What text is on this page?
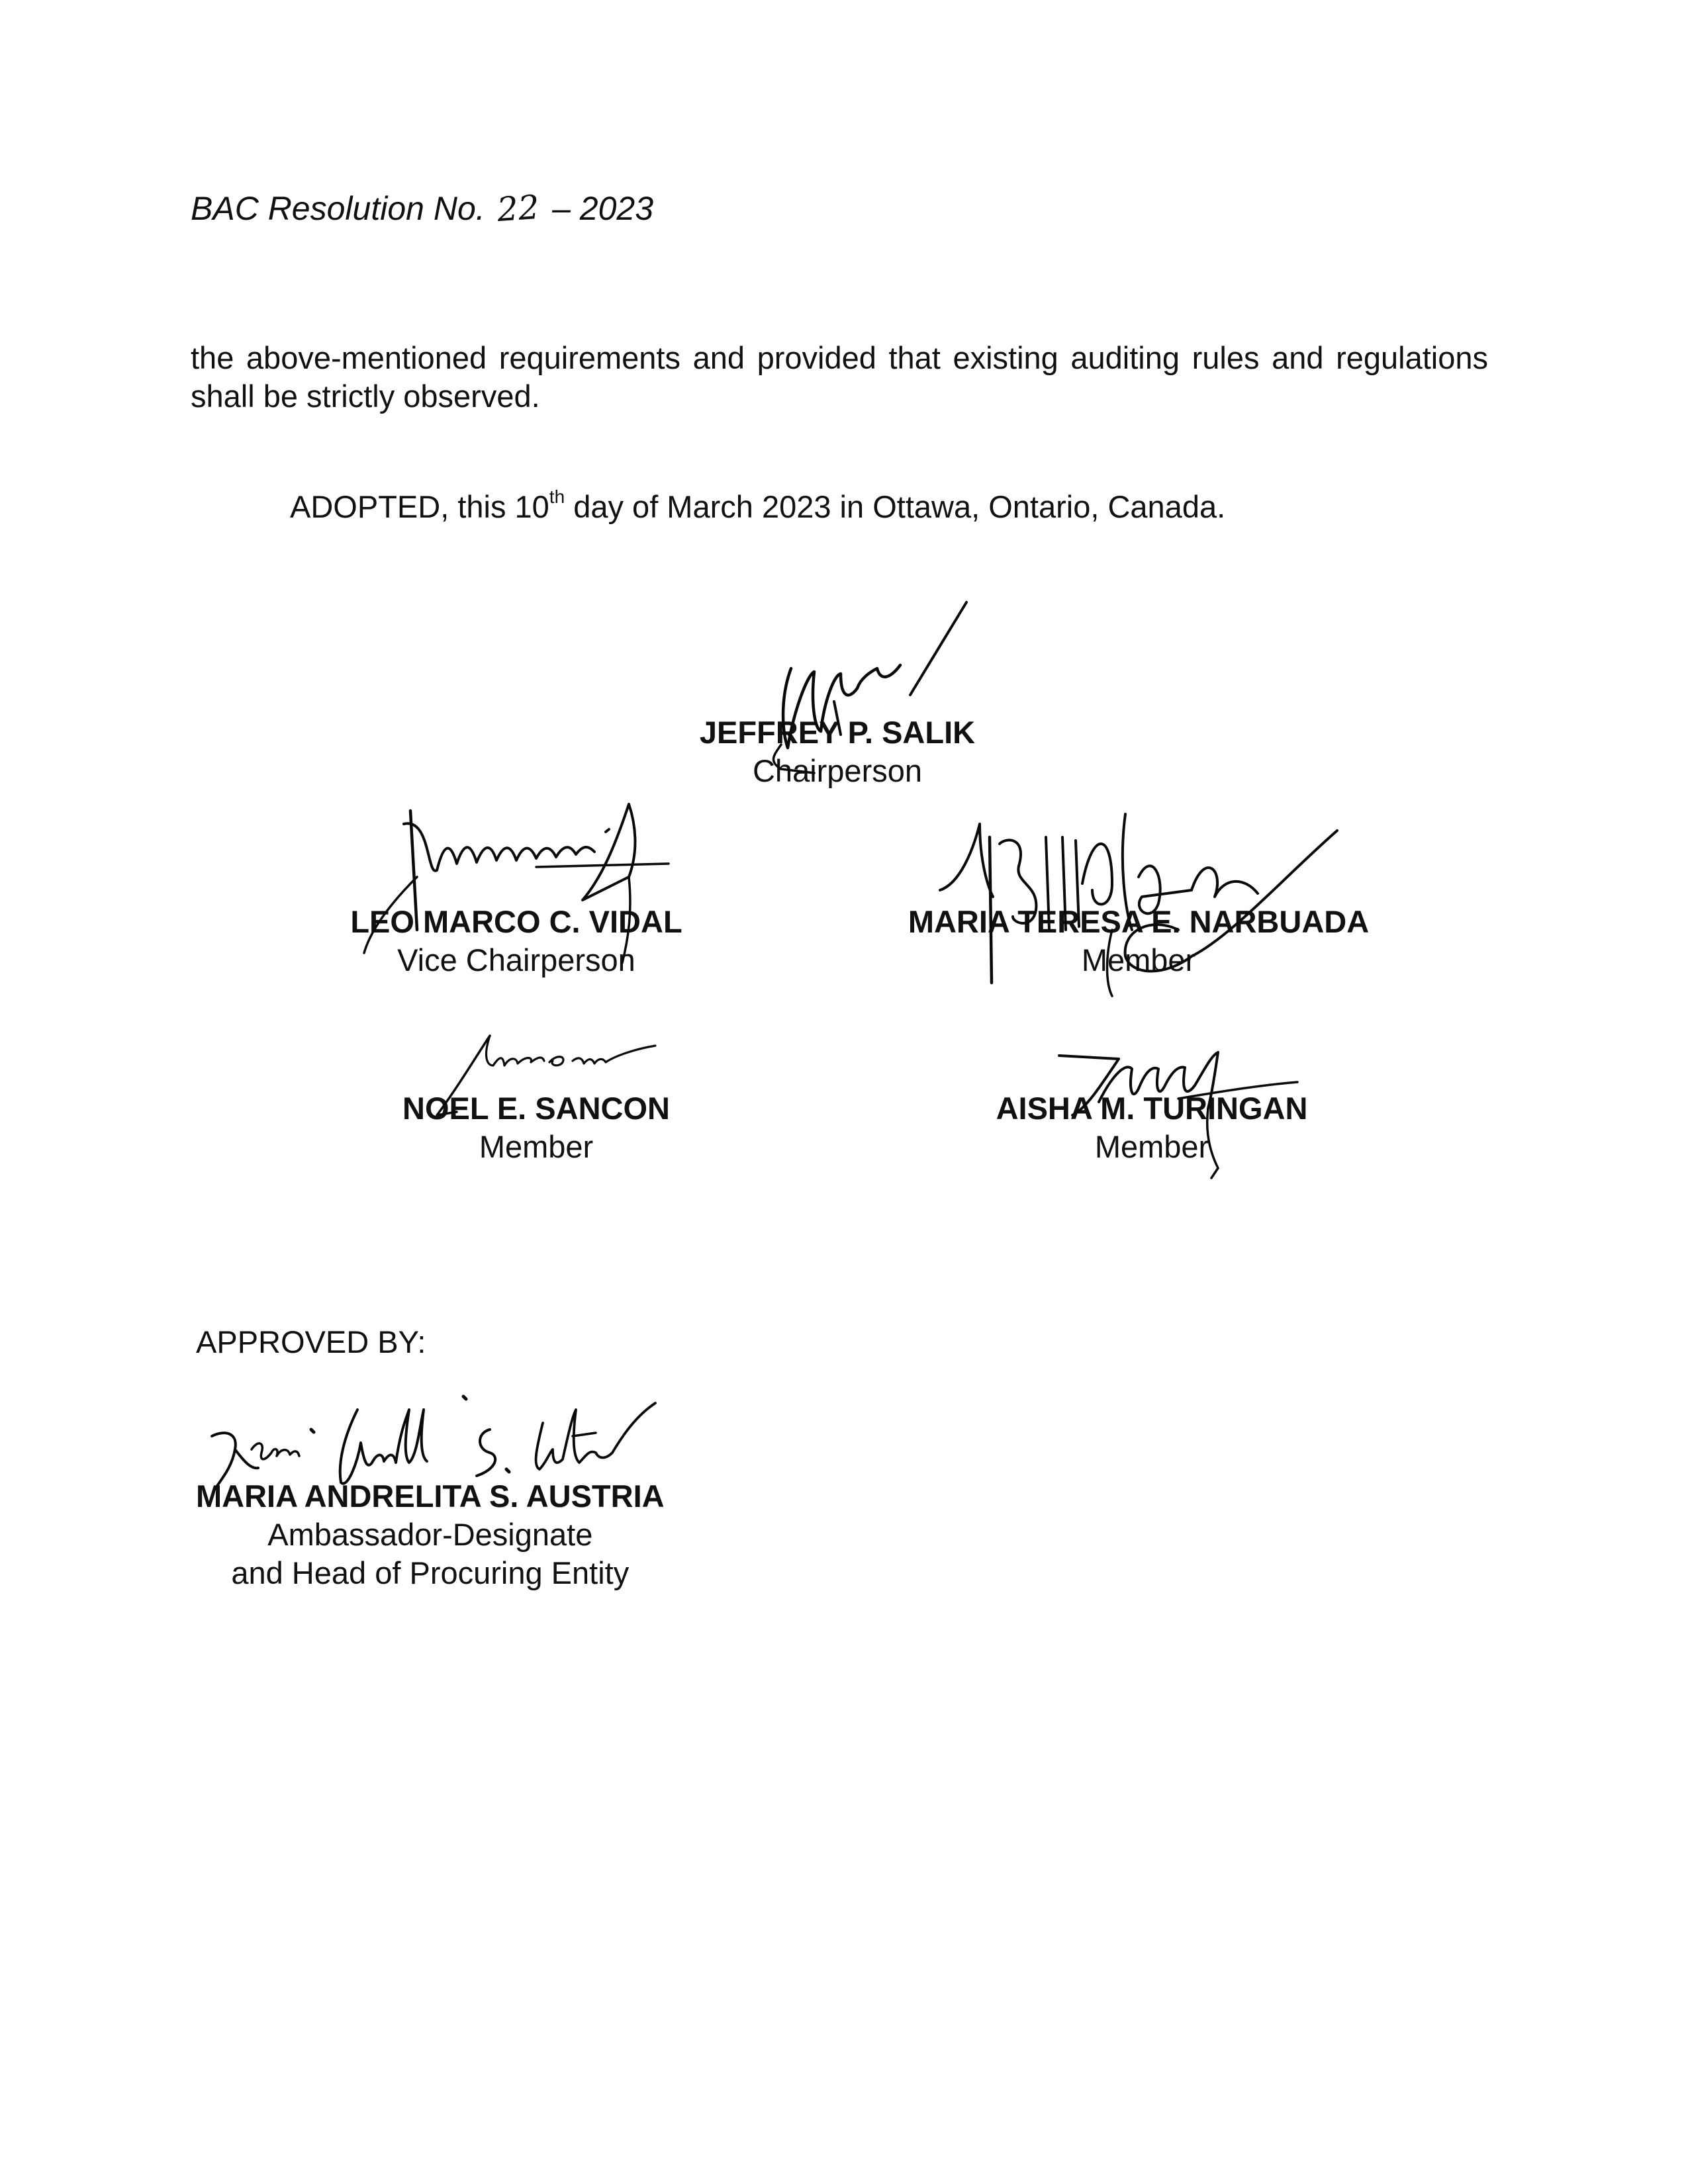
BAC Resolution No. 22 – 2023
the above-mentioned requirements and provided that existing auditing rules and regulations shall be strictly observed.
ADOPTED, this 10th day of March 2023 in Ottawa, Ontario, Canada.
JEFFREY P. SALIK
Chairperson
LEO MARCO C. VIDAL
Vice Chairperson
MARIA TERESA E. NARBUADA
Member
NOEL E. SANCON
Member
AISHA M. TURINGAN
Member
APPROVED BY:
MARIA ANDRELITA S. AUSTRIA
Ambassador-Designate
and Head of Procuring Entity
